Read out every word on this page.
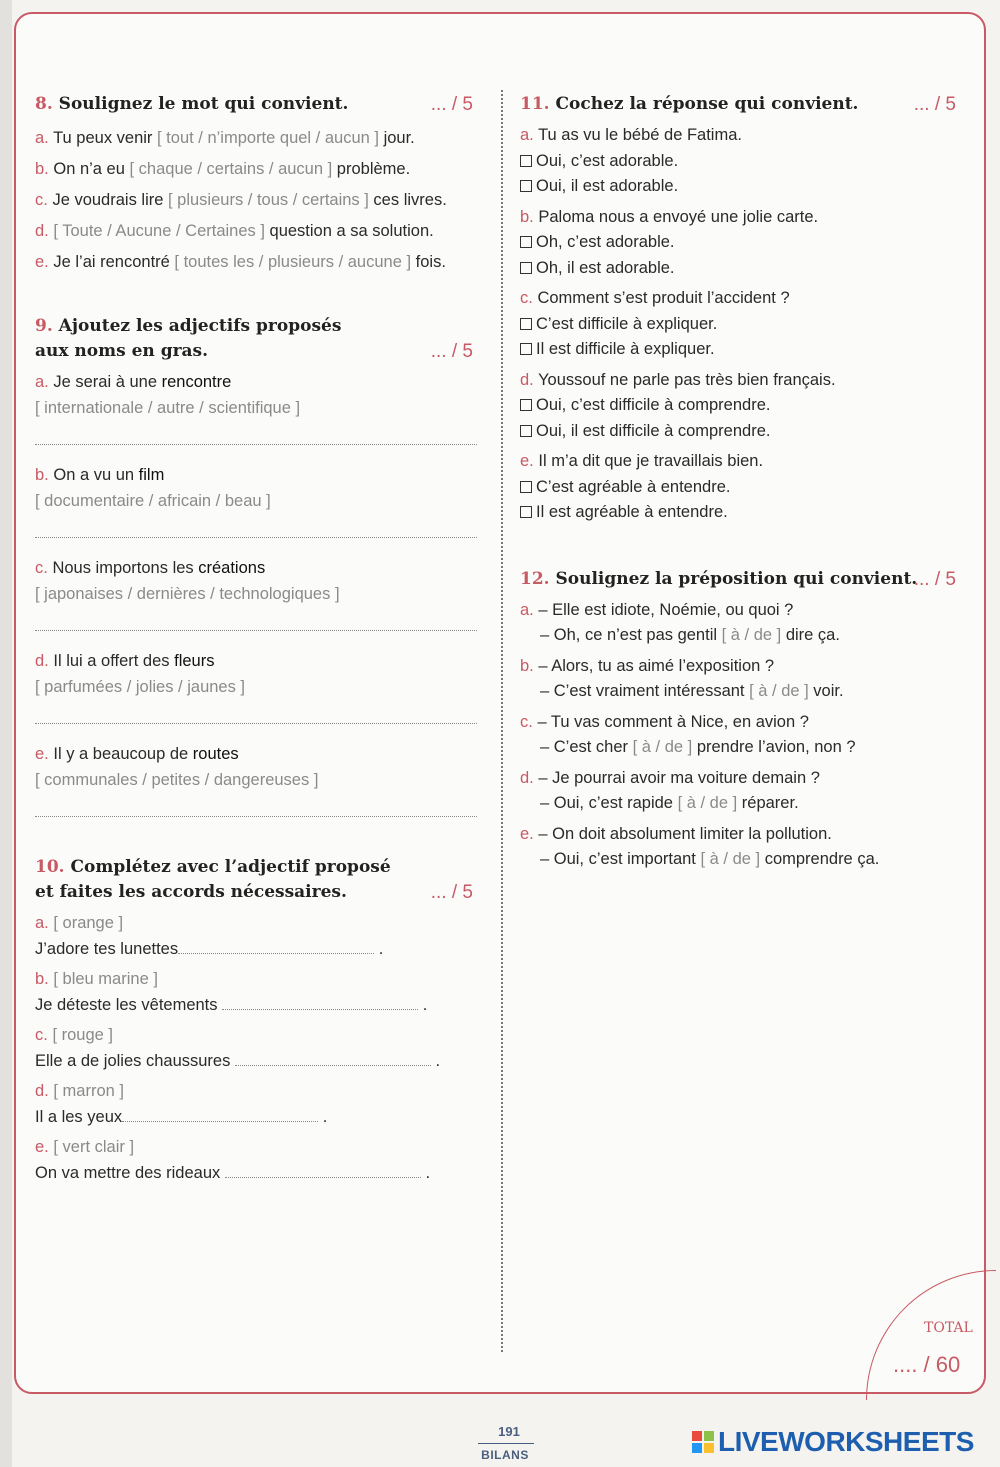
8. Soulignez le mot qui convient.	... / 5
a. Tu peux venir [ tout / n’importe quel / aucun ] jour.
b. On n’a eu [ chaque / certains / aucun ] problème.
c. Je voudrais lire [ plusieurs / tous / certains ] ces livres.
d. [ Toute / Aucune / Certaines ] question a sa solution.
e. Je l’ai rencontré [ toutes les / plusieurs / aucune ] fois.
9. Ajoutez les adjectifs proposés
aux noms en gras.	... / 5
a. Je serai à une rencontre
[ internationale / autre / scientifique ]
b. On a vu un film
[ documentaire / africain / beau ]
c. Nous importons les créations
[ japonaises / dernières / technologiques ]
d. Il lui a offert des fleurs
[ parfumées / jolies / jaunes ]
e. Il y a beaucoup de routes
[ communales / petites / dangereuses ]
10. Complétez avec l’adjectif proposé
et faites les accords nécessaires.	... / 5
a. [ orange ]
J’adore tes lunettes	.
b. [ bleu marine ]
Je déteste les vêtements	.
c. [ rouge ]
Elle a de jolies chaussures	.
d. [ marron ]
Il a les yeux	.
e. [ vert clair ]
On va mettre des rideaux	.
11. Cochez la réponse qui convient.	... / 5
a. Tu as vu le bébé de Fatima.
Oui, c’est adorable.
Oui, il est adorable.
b. Paloma nous a envoyé une jolie carte.
Oh, c’est adorable.
Oh, il est adorable.
c. Comment s’est produit l’accident ?
C’est difficile à expliquer.
Il est difficile à expliquer.
d. Youssouf ne parle pas très bien français.
Oui, c’est difficile à comprendre.
Oui, il est difficile à comprendre.
e. Il m’a dit que je travaillais bien.
C’est agréable à entendre.
Il est agréable à entendre.
12. Soulignez la préposition qui convient.
... / 5
a. – Elle est idiote, Noémie, ou quoi ?
– Oh, ce n’est pas gentil [ à / de ] dire ça.
b. – Alors, tu as aimé l’exposition ?
– C’est vraiment intéressant [ à / de ] voir.
c. – Tu vas comment à Nice, en avion ?
– C’est cher [ à / de ] prendre l’avion, non ?
d. – Je pourrai avoir ma voiture demain ?
– Oui, c’est rapide [ à / de ] réparer.
e. – On doit absolument limiter la pollution.
– Oui, c’est important [ à / de ] comprendre ça.
TOTAL
.... / 60
191
BILANS	LIVEWORKSHEETS
